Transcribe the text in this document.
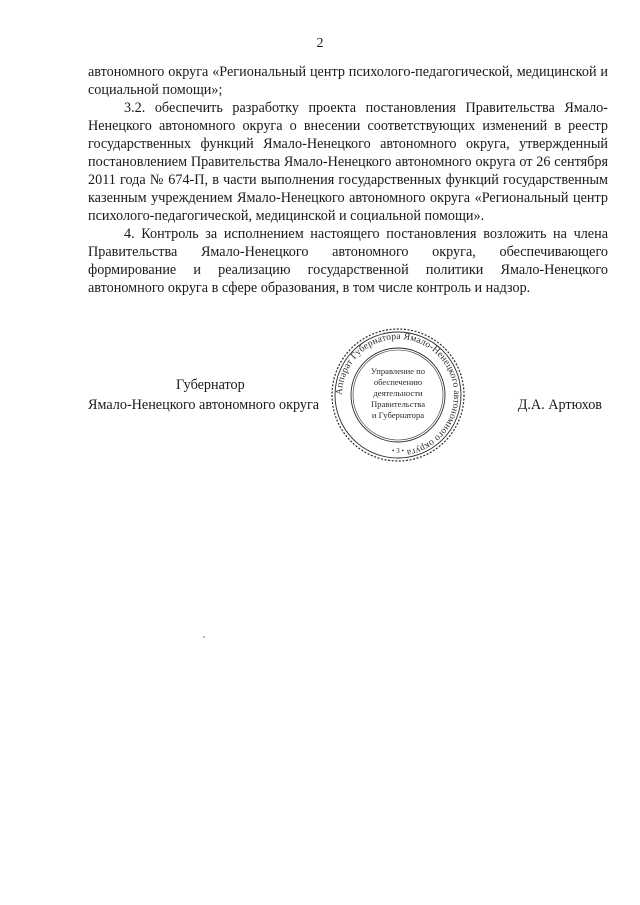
2

автономного округа «Региональный центр психолого-педагогической, медицинской и социальной помощи»;

3.2. обеспечить разработку проекта постановления Правительства Ямало-Ненецкого автономного округа о внесении соответствующих изменений в реестр государственных функций Ямало-Ненецкого автономного округа, утвержденный постановлением Правительства Ямало-Ненецкого автономного округа от 26 сентября 2011 года № 674-П, в части выполнения государственных функций государственным казенным учреждением Ямало-Ненецкого автономного округа «Региональный центр психолого-педагогической, медицинской и социальной помощи».

4. Контроль за исполнением настоящего постановления возложить на члена Правительства Ямало-Ненецкого автономного округа, обеспечивающего формирование и реализацию государственной политики Ямало-Ненецкого автономного округа в сфере образования, в том числе контроль и надзор.

Губернатор
Ямало-Ненецкого автономного округа	Д.А. Артюхов
Аппарат Губернатора Ямало-Ненецкого автономного округа
Управление по
обеспечению
деятельности
Правительства
и Губернатора
• 3 •
